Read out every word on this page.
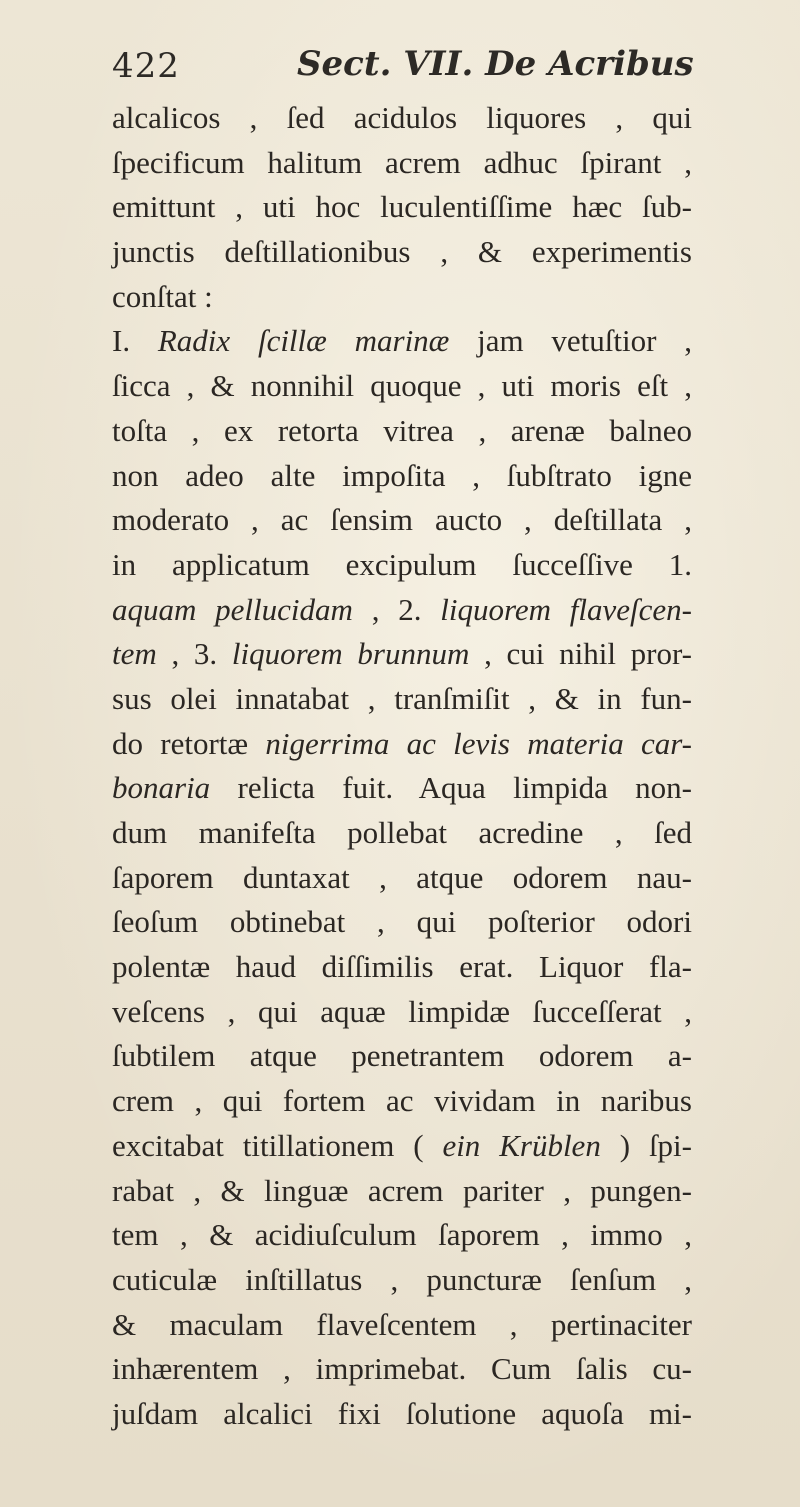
422	Sect. VII. De Acribus
alcalicos , ſed acidulos liquores , qui
ſpecificum halitum acrem adhuc ſpirant ,
emittunt , uti hoc luculentiſſime hæc ſub-
junctis deſtillationibus , & experimentis
conſtat :
I. Radix ſcillæ marinæ jam vetuſtior ,
ſicca , & nonnihil quoque , uti moris eſt ,
toſta , ex retorta vitrea , arenæ balneo
non adeo alte impoſita , ſubſtrato igne
moderato , ac ſensim aucto , deſtillata ,
in applicatum excipulum ſucceſſive 1.
aquam pellucidam , 2. liquorem flaveſcen-
tem , 3. liquorem brunnum , cui nihil pror-
sus olei innatabat , tranſmiſit , & in fun-
do retortæ nigerrima ac levis materia car-
bonaria relicta fuit. Aqua limpida non-
dum manifeſta pollebat acredine , ſed
ſaporem duntaxat , atque odorem nau-
ſeoſum obtinebat , qui poſterior odori
polentæ haud diſſimilis erat. Liquor fla-
veſcens , qui aquæ limpidæ ſucceſſerat ,
ſubtilem atque penetrantem odorem a-
crem , qui fortem ac vividam in naribus
excitabat titillationem ( ein Krüblen ) ſpi-
rabat , & linguæ acrem pariter , pungen-
tem , & acidiuſculum ſaporem , immo ,
cuticulæ inſtillatus , puncturæ ſenſum ,
& maculam flaveſcentem , pertinaciter
inhærentem , imprimebat. Cum ſalis cu-
juſdam alcalici fixi ſolutione aquoſa mi-
